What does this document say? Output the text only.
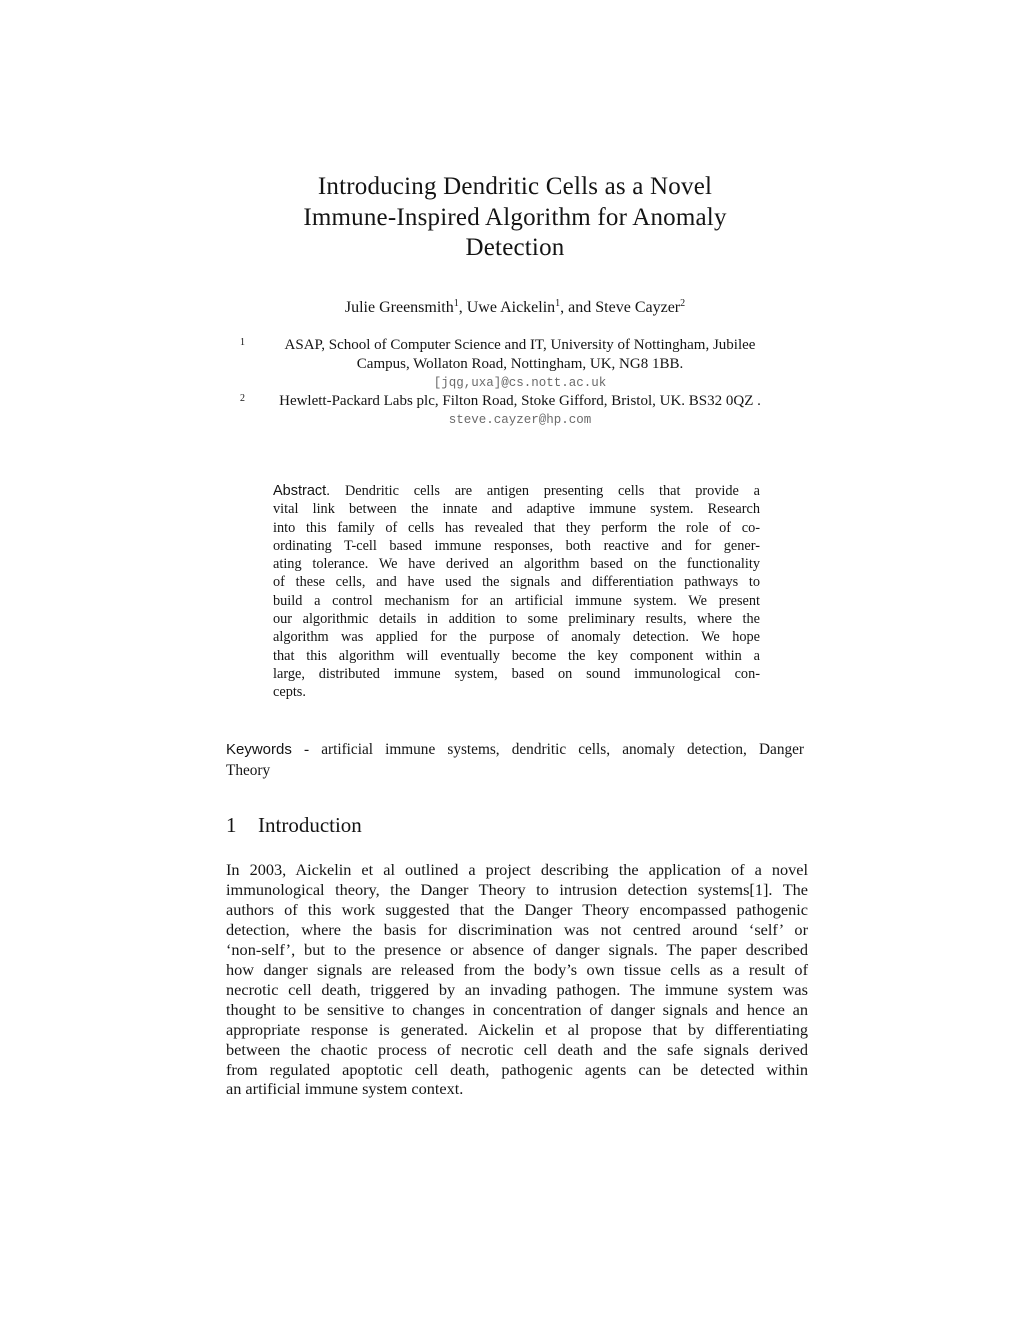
Introducing Dendritic Cells as a Novel
Immune-Inspired Algorithm for Anomaly
Detection
Julie Greensmith$^1$, Uwe Aickelin$^1$, and Steve Cayzer$^2$
1	ASAP, School of Computer Science and IT, University of Nottingham, Jubilee
Campus, Wollaton Road, Nottingham, UK, NG8 1BB.
[jqg,uxa]@cs.nott.ac.uk
2	Hewlett-Packard Labs plc, Filton Road, Stoke Gifford, Bristol, UK. BS32 0QZ .
steve.cayzer@hp.com
Abstract. Dendritic cells are antigen presenting cells that provide a
vital link between the innate and adaptive immune system. Research
into this family of cells has revealed that they perform the role of co-
ordinating T-cell based immune responses, both reactive and for gener-
ating tolerance. We have derived an algorithm based on the functionality
of these cells, and have used the signals and differentiation pathways to
build a control mechanism for an artificial immune system. We present
our algorithmic details in addition to some preliminary results, where the
algorithm was applied for the purpose of anomaly detection. We hope
that this algorithm will eventually become the key component within a
large, distributed immune system, based on sound immunological con-
cepts.
Keywords - artificial immune systems, dendritic cells, anomaly detection, Danger
Theory
1 Introduction
In 2003, Aickelin et al outlined a project describing the application of a novel
immunological theory, the Danger Theory to intrusion detection systems[1]. The
authors of this work suggested that the Danger Theory encompassed pathogenic
detection, where the basis for discrimination was not centred around ‘self’ or
‘non-self’, but to the presence or absence of danger signals. The paper described
how danger signals are released from the body’s own tissue cells as a result of
necrotic cell death, triggered by an invading pathogen. The immune system was
thought to be sensitive to changes in concentration of danger signals and hence an
appropriate response is generated. Aickelin et al propose that by differentiating
between the chaotic process of necrotic cell death and the safe signals derived
from regulated apoptotic cell death, pathogenic agents can be detected within
an artificial immune system context.
